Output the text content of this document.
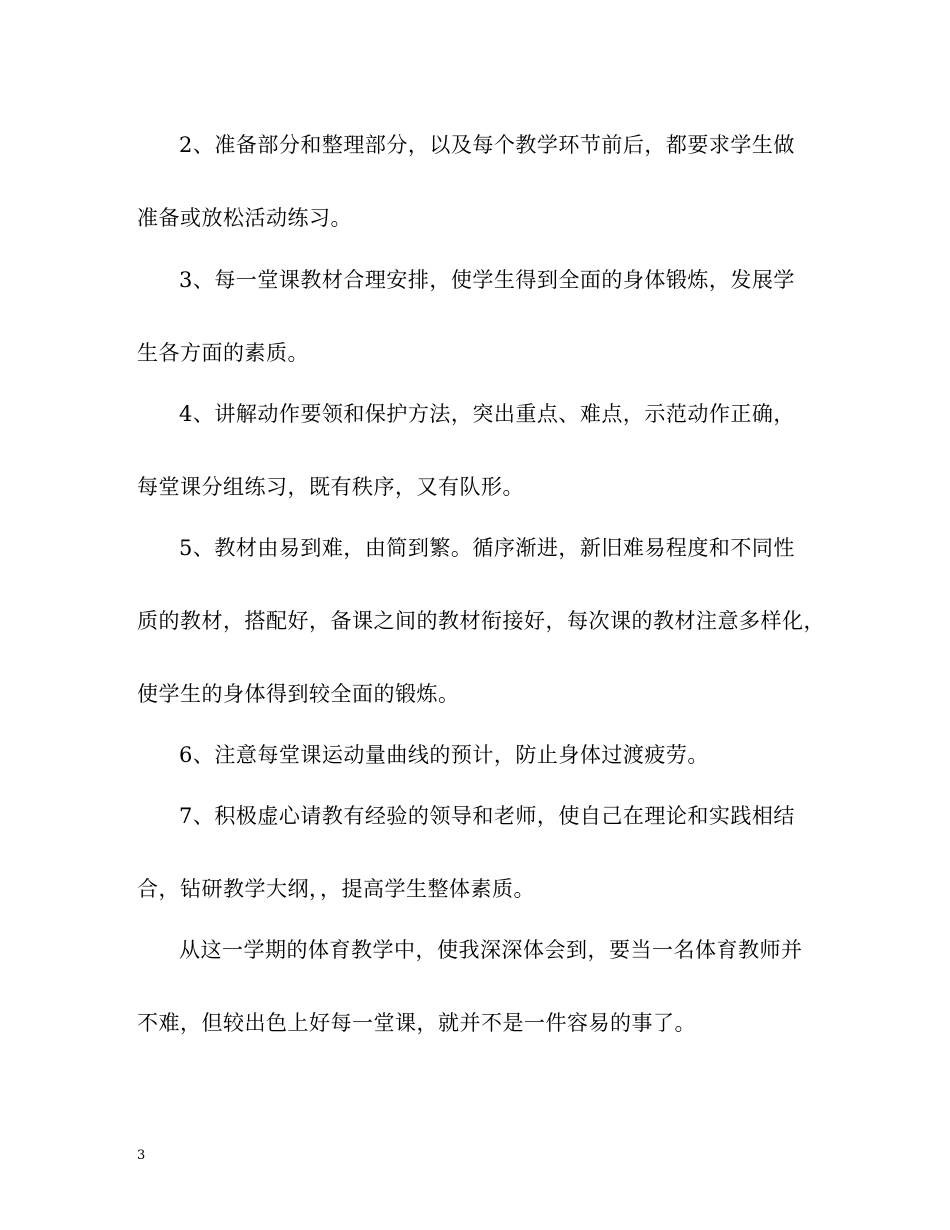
2、准备部分和整理部分，以及每个教学环节前后，都要求学生做
准备或放松活动练习。
3、每一堂课教材合理安排，使学生得到全面的身体锻炼，发展学
生各方面的素质。
4、讲解动作要领和保护方法，突出重点、难点，示范动作正确，
每堂课分组练习，既有秩序，又有队形。
5、教材由易到难，由简到繁。循序渐进，新旧难易程度和不同性
质的教材，搭配好，备课之间的教材衔接好，每次课的教材注意多样化，
使学生的身体得到较全面的锻炼。
6、注意每堂课运动量曲线的预计，防止身体过渡疲劳。
7、积极虚心请教有经验的领导和老师，使自己在理论和实践相结
合，钻研教学大纲，，提高学生整体素质。
从这一学期的体育教学中，使我深深体会到，要当一名体育教师并
不难，但较出色上好每一堂课，就并不是一件容易的事了。
3
